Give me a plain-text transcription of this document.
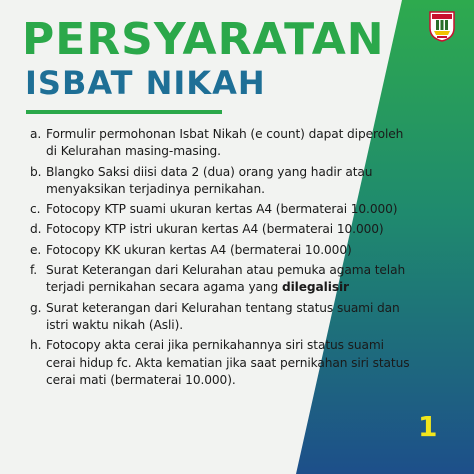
PERSYARATAN
ISBAT NIKAH
a. Formulir permohonan Isbat Nikah (e count) dapat diperoleh
di Kelurahan masing-masing.
b. Blangko Saksi diisi data 2 (dua) orang yang hadir atau
menyaksikan terjadinya pernikahan.
c. Fotocopy KTP suami ukuran kertas A4 (bermaterai 10.000)
d. Fotocopy KTP istri ukuran kertas A4 (bermaterai 10.000)
e. Fotocopy KK ukuran kertas A4 (bermaterai 10.000)
f. Surat Keterangan dari Kelurahan atau pemuka agama telah
terjadi pernikahan secara agama yang dilegalisir
g. Surat keterangan dari Kelurahan tentang status suami dan
istri waktu nikah (Asli).
h. Fotocopy akta cerai jika pernikahannya siri status suami
cerai hidup fc. Akta kematian jika saat pernikahan siri status
cerai mati (bermaterai 10.000).
1
